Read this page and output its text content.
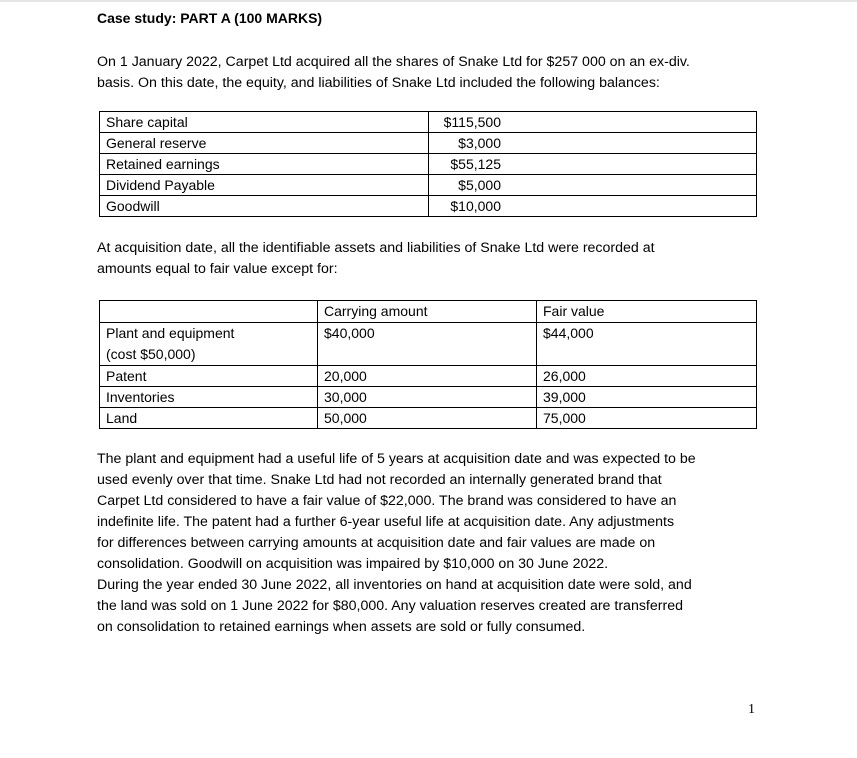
Case study: PART A (100 MARKS)
On 1 January 2022, Carpet Ltd acquired all the shares of Snake Ltd for $257 000 on an ex-div.
basis. On this date, the equity, and liabilities of Snake Ltd included the following balances:
Share capital	$115,500
General reserve	$3,000
Retained earnings	$55,125
Dividend Payable	$5,000
Goodwill	$10,000
At acquisition date, all the identifiable assets and liabilities of Snake Ltd were recorded at
amounts equal to fair value except for:
	Carrying amount	Fair value

Plant and equipment
(cost $50,000)	$40,000	$44,000
Patent	20,000	26,000
Inventories	30,000	39,000
Land	50,000	75,000
The plant and equipment had a useful life of 5 years at acquisition date and was expected to be
used evenly over that time. Snake Ltd had not recorded an internally generated brand that
Carpet Ltd considered to have a fair value of $22,000. The brand was considered to have an
indefinite life. The patent had a further 6-year useful life at acquisition date. Any adjustments
for differences between carrying amounts at acquisition date and fair values are made on
consolidation. Goodwill on acquisition was impaired by $10,000 on 30 June 2022.
During the year ended 30 June 2022, all inventories on hand at acquisition date were sold, and
the land was sold on 1 June 2022 for $80,000. Any valuation reserves created are transferred
on consolidation to retained earnings when assets are sold or fully consumed.
1
